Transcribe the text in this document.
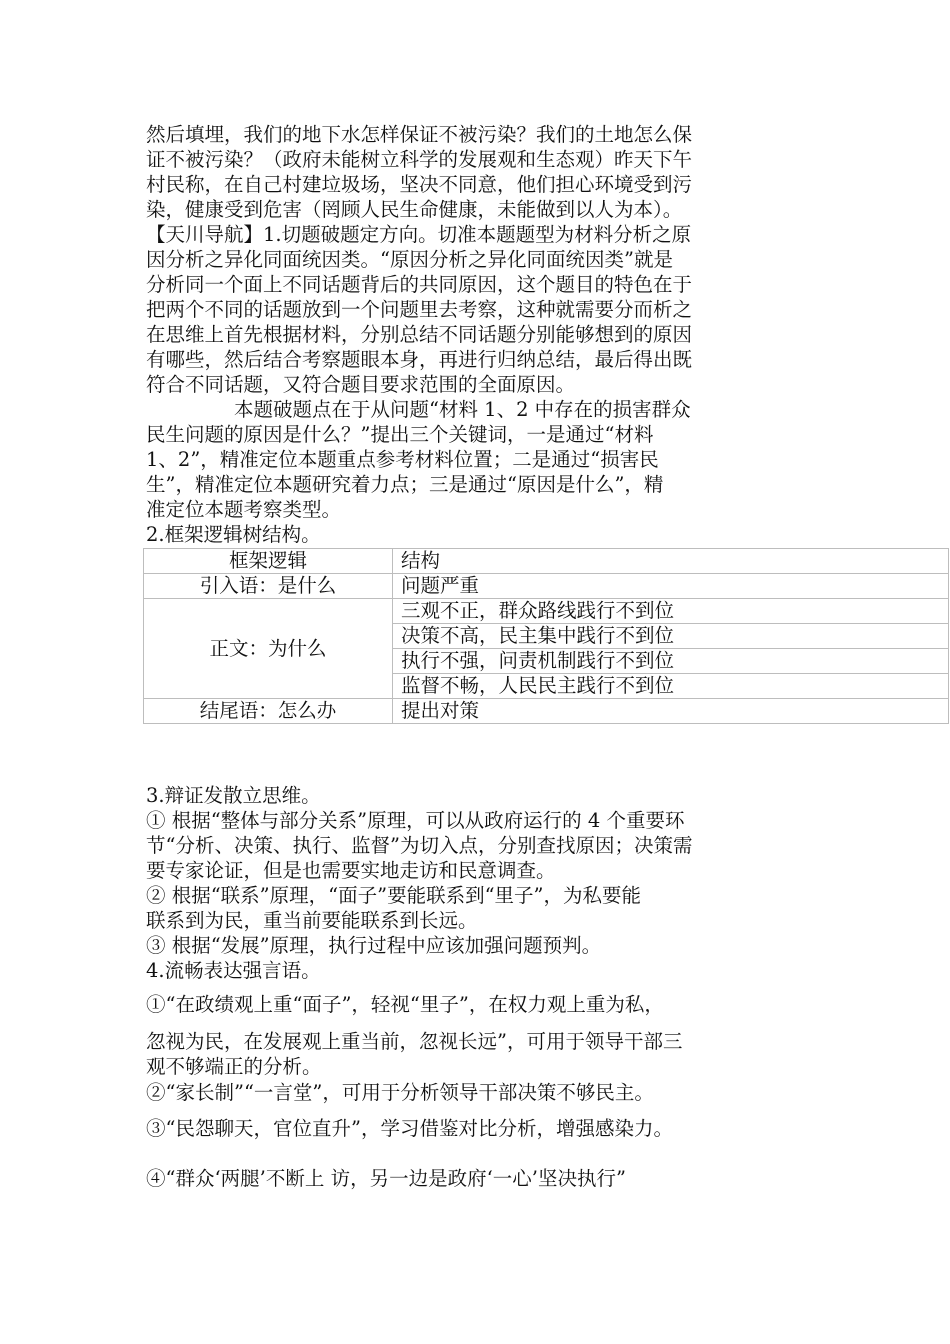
然后填埋，我们的地下水怎样保证不被污染？我们的土地怎么保
证不被污染？（政府未能树立科学的发展观和生态观）昨天下午
村民称，在自己村建垃圾场，坚决不同意，他们担心环境受到污
染，健康受到危害（罔顾人民生命健康，未能做到以人为本）。
【天川导航】1.切题破题定方向。切准本题题型为材料分析之原
因分析之异化同面统因类。“原因分析之异化同面统因类”就是
分析同一个面上不同话题背后的共同原因，这个题目的特色在于
把两个不同的话题放到一个问题里去考察，这种就需要分而析之
在思维上首先根据材料，分别总结不同话题分别能够想到的原因
有哪些，然后结合考察题眼本身，再进行归纳总结，最后得出既
符合不同话题，又符合题目要求范围的全面原因。
本题破题点在于从问题“材料 1、2 中存在的损害群众
民生问题的原因是什么？”提出三个关键词，一是通过“材料
1、2”，精准定位本题重点参考材料位置；二是通过“损害民
生”，精准定位本题研究着力点；三是通过“原因是什么”，精
准定位本题考察类型。
2.框架逻辑树结构。
框架逻辑	结构
引入语：是什么	问题严重
正文：为什么	三观不正，群众路线践行不到位
	决策不高，民主集中践行不到位
	执行不强，问责机制践行不到位
	监督不畅，人民民主践行不到位
结尾语：怎么办	提出对策
3.辩证发散立思维。
① 根据“整体与部分关系”原理，可以从政府运行的 4 个重要环
节“分析、决策、执行、监督”为切入点，分别查找原因；决策需
要专家论证，但是也需要实地走访和民意调查。
② 根据“联系”原理，“面子”要能联系到“里子”，为私要能
联系到为民，重当前要能联系到长远。
③ 根据“发展”原理，执行过程中应该加强问题预判。
4.流畅表达强言语。
①“在政绩观上重“面子”，轻视“里子”，在权力观上重为私，
忽视为民，在发展观上重当前，忽视长远”，可用于领导干部三
观不够端正的分析。
②“家长制”“一言堂”，可用于分析领导干部决策不够民主。
③“民怨聊天，官位直升”，学习借鉴对比分析，增强感染力。
④“群众‘两腿’不断上 访，另一边是政府‘一心’坚决执行”
